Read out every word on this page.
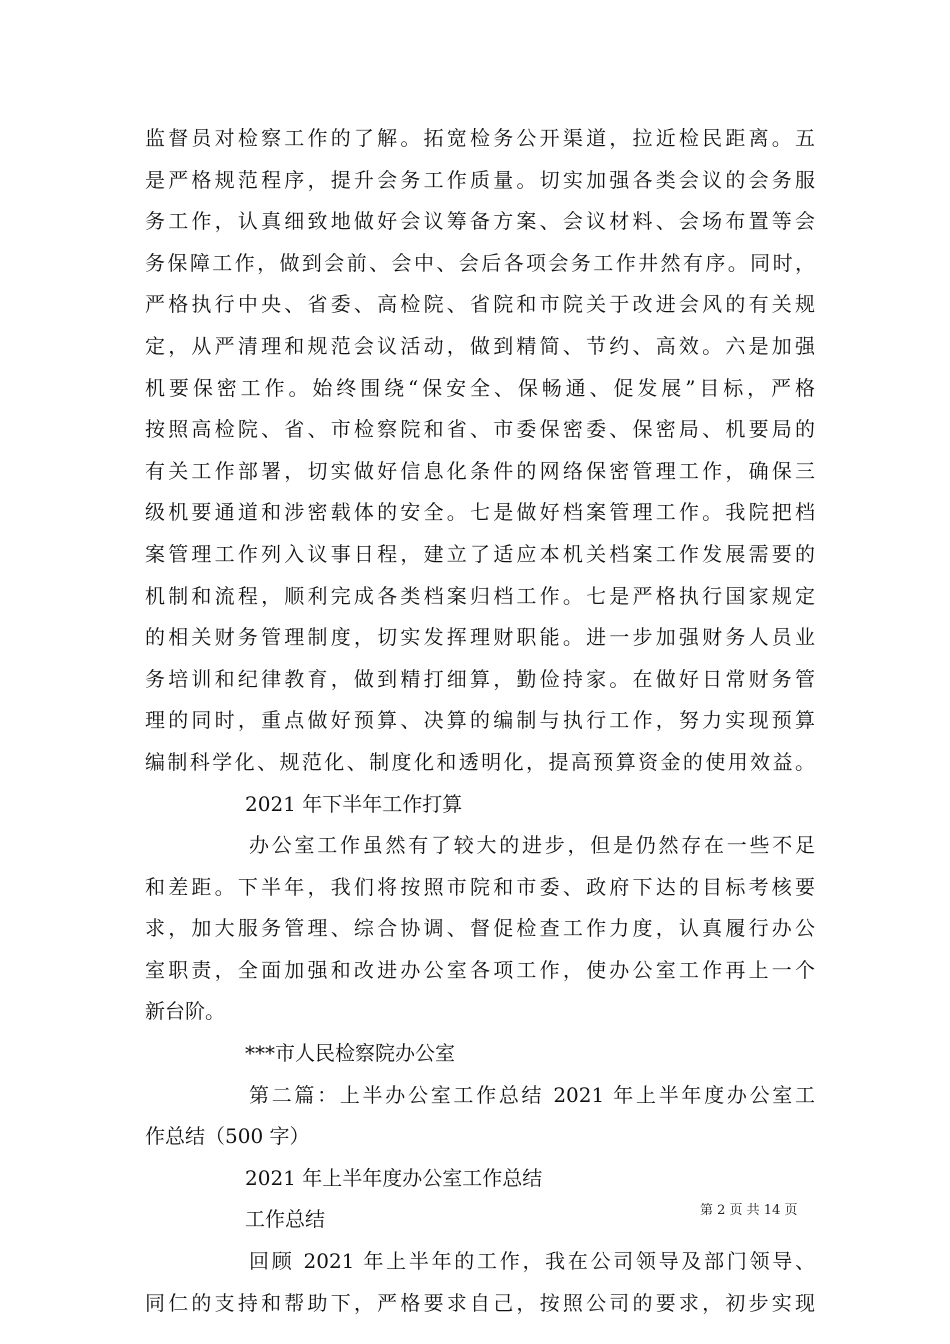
监督员对检察工作的了解。拓宽检务公开渠道，拉近检民距离。五
是严格规范程序，提升会务工作质量。切实加强各类会议的会务服
务工作，认真细致地做好会议筹备方案、会议材料、会场布置等会
务保障工作，做到会前、会中、会后各项会务工作井然有序。同时，
严格执行中央、省委、高检院、省院和市院关于改进会风的有关规
定，从严清理和规范会议活动，做到精简、节约、高效。六是加强
机要保密工作。始终围绕“保安全、保畅通、促发展”目标，严格
按照高检院、省、市检察院和省、市委保密委、保密局、机要局的
有关工作部署，切实做好信息化条件的网络保密管理工作，确保三
级机要通道和涉密载体的安全。七是做好档案管理工作。我院把档
案管理工作列入议事日程，建立了适应本机关档案工作发展需要的
机制和流程，顺利完成各类档案归档工作。七是严格执行国家规定
的相关财务管理制度，切实发挥理财职能。进一步加强财务人员业
务培训和纪律教育，做到精打细算，勤俭持家。在做好日常财务管
理的同时，重点做好预算、决算的编制与执行工作，努力实现预算
编制科学化、规范化、制度化和透明化，提高预算资金的使用效益。
2021 年下半年工作打算
办公室工作虽然有了较大的进步，但是仍然存在一些不足
和差距。下半年，我们将按照市院和市委、政府下达的目标考核要
求，加大服务管理、综合协调、督促检查工作力度，认真履行办公
室职责，全面加强和改进办公室各项工作，使办公室工作再上一个
新台阶。
***市人民检察院办公室
第二篇：上半办公室工作总结 2021 年上半年度办公室工
作总结（500 字）
2021 年上半年度办公室工作总结
工作总结
回顾 2021 年上半年的工作，我在公司领导及部门领导、
同仁的支持和帮助下，严格要求自己，按照公司的要求，初步实现
第 2 页 共 14 页
